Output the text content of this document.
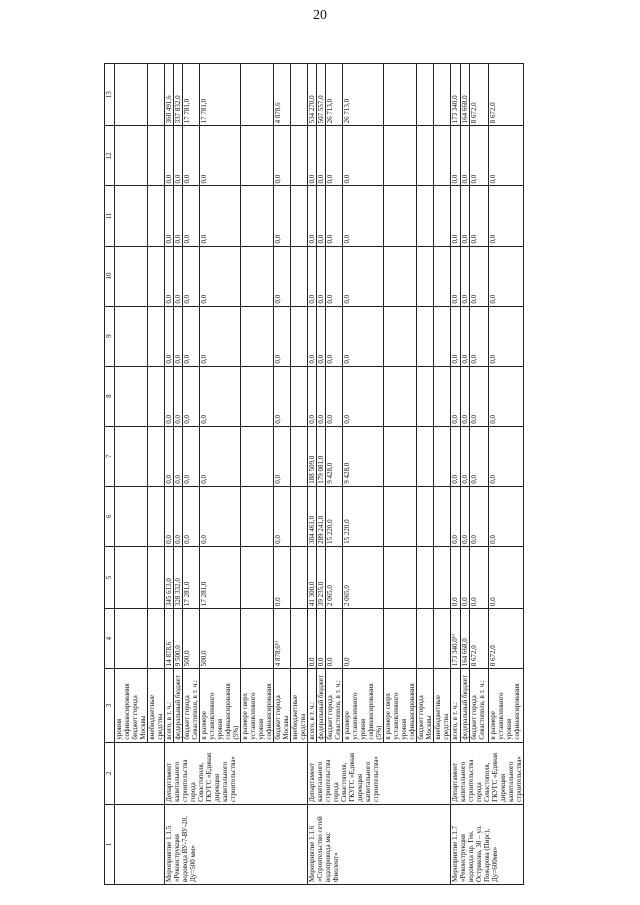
20
1	2	3	4	5	6	7	8	9	10	11	12	13
		уровня софинансирования бюджет города Москвы										
		внебюджетные средства										
Мероприятие 1.1.5 «Реконструкция водовода ВУ-7-ВУ-20, Ду=500 мм»	Департамент капитального строительства города Севастополя, ГКУГС «Единая дирекция капитального строительства»	всего, в т. ч.:	14 878,6	345 613,0	0,0	0,0	0,0	0,0	0,0	0,0	0,0	360 491,6
		федеральный бюджет	9 500,0	328 332,0	0,0	0,0	0,0	0,0	0,0	0,0	0,0	337 832,0
		бюджет города Севастополя, в т. ч.:	500,0	17 281,0	0,0	0,0	0,0	0,0	0,0	0,0	0,0	17 781,0
		в размере установленного уровня софинансирования (5%)	500,0	17 281,0	0,0	0,0	0,0	0,0	0,0	0,0	0,0	17 781,0
		в размере сверх установленного уровня софинансирования										
		бюджет города Москвы	4 878,6⁶⁾	0,0	0,0	0,0	0,0	0,0	0,0	0,0	0,0	4 878,6
		внебюджетные средства										
Мероприятие 1.1.6 «Строительство сетей водопровода мкс Фиолент»	Департамент капитального строительства города Севастополя, ГКУГС «Единая дирекция капитального строительства»	всего, в т. ч.:	0,0	41 300,0	304 461,0	188 509,0	0,0	0,0	0,0	0,0	0,0	534 270,0
		федеральный бюджет	0,0	39 235,0	289 241,0	179 081,0	0,0	0,0	0,0	0,0	0,0	507 557,0
		бюджет города Севастополя, в т. ч.:	0,0	2 065,0	15 220,0	9 428,0	0,0	0,0	0,0	0,0	0,0	26 713,0
		в размере установленного уровня софинансирования (5%)	0,0	2 065,0	15 220,0	9 428,0	0,0	0,0	0,0	0,0	0,0	26 713,0
		в размере сверх установленного уровня софинансирования										
		бюджет города Москвы										
		внебюджетные средства										
Мероприятие 1.1.7 «Реконструкция водовода пр. Ген. Острякова, 30 – ул. Пожарова (Пирс), Ду=600мм»	Департамент капитального строительства города Севастополя, ГКУГС «Единая дирекция капитального строительства»	всего, в т. ч.:	173 340,0⁶⁾	0,0	0,0	0,0	0,0	0,0	0,0	0,0	0,0	173 340,0
		федеральный бюджет	164 668,0	0,0	0,0	0,0	0,0	0,0	0,0	0,0	0,0	164 668,0
		бюджет города Севастополя, в т. ч.:	8 672,0	0,0	0,0	0,0	0,0	0,0	0,0	0,0	0,0	8 672,0
		в размере установленного уровня софинансирования	8 672,0	0,0	0,0	0,0	0,0	0,0	0,0	0,0	0,0	8 672,0
